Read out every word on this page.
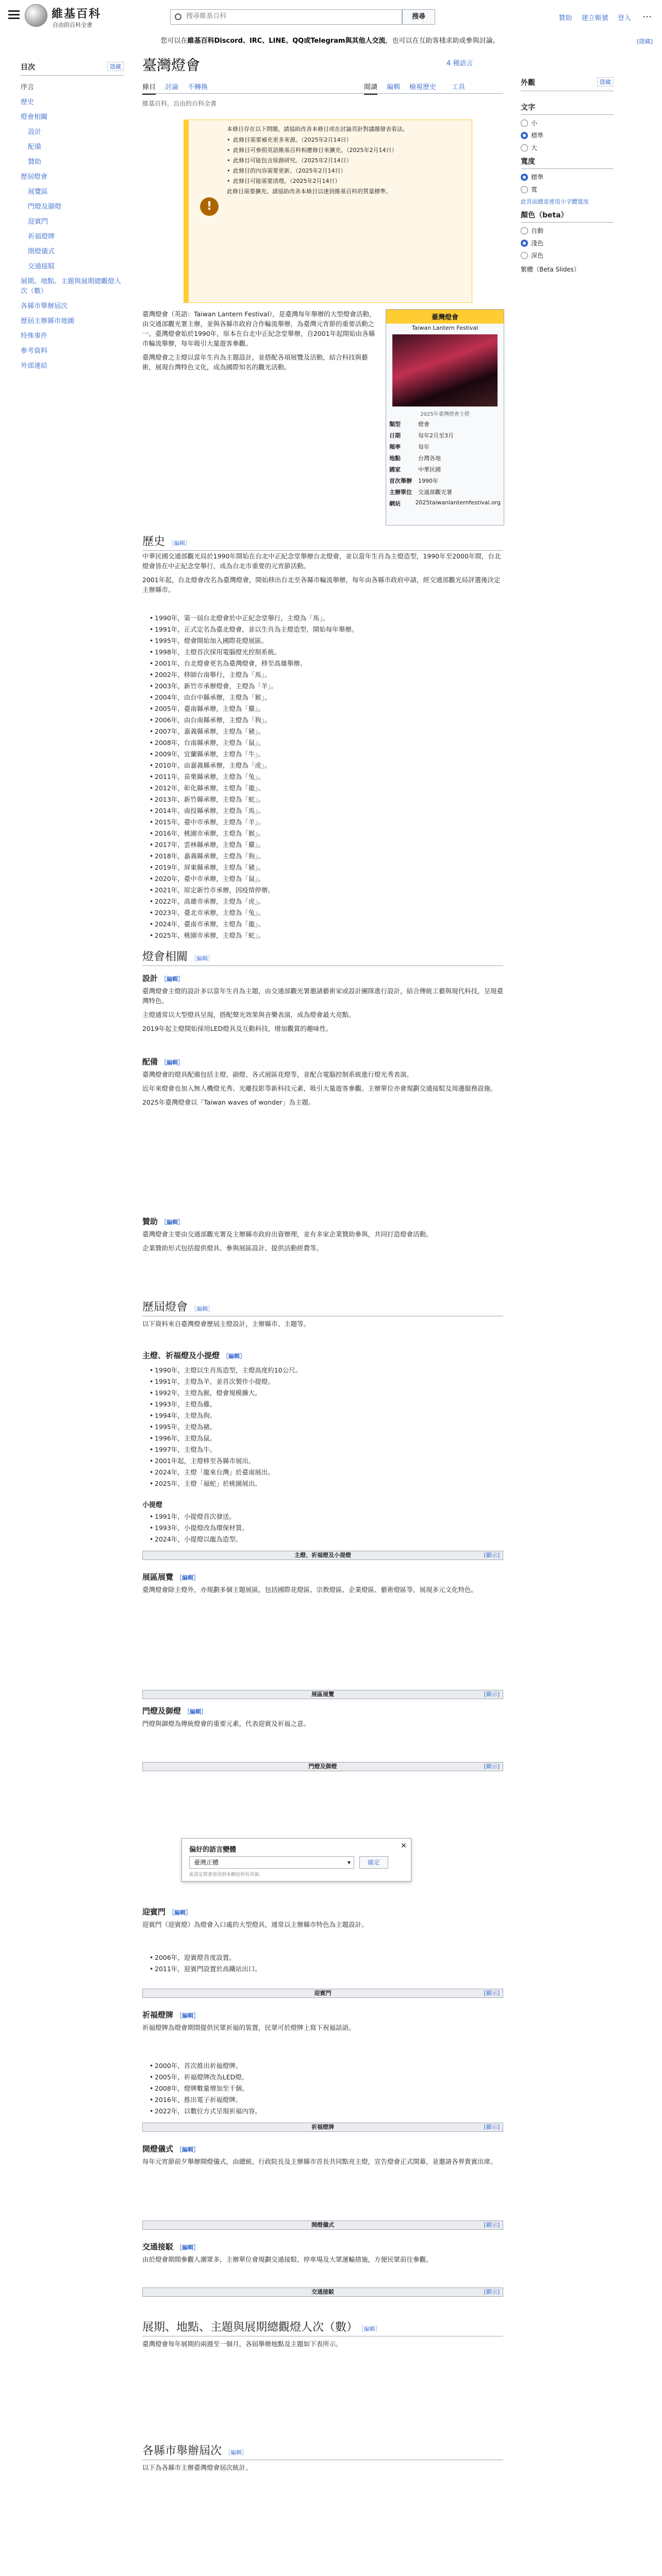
維基百科
自由的百科全書
搜尋維基百科
搜尋	贊助 建立帳號 登入 ⋯
您可以在維基百科Discord、IRC、LINE、QQ或Telegram與其他人交流，也可以在互助客棧求助或參與討論。	[隱藏]
目次	隱藏
序言
歷史
燈會相關
設計
配備
贊助
歷屆燈會
展覽區
門燈及御燈
迎賓門
祈福燈牌
開燈儀式
交通接駁
展期、地點、主題與展期總觀燈人次（數）
各縣市舉辦屆次
歷屆主辦縣市地圖
特殊事件
參考資料
外部連結
臺灣燈會	4 種語言
條目 討論 不轉換	閱讀 編輯 檢視歷史 工具
維基百科，自由的百科全書
外觀	隱藏
文字
小
標準
大
寬度
標準
寬
此頁面總是使用小字體寬度
顏色（beta）
自動
淺色
深色
繁體（Beta Slides）
!

本條目存在以下問題，請協助改善本條目或在討論頁針對議題發表看法。

• 此條目需要補充更多來源。（2025年2月14日）
• 此條目可參照英語維基百科相應條目來擴充。（2025年2月14日）
• 此條目可能包含原創研究。（2025年2月14日）
• 此條目的內容需要更新。（2025年2月14日）
• 此條目可能需要清理。（2025年2月14日）

此條目需要擴充。請協助改善本條目以達到維基百科的質量標準。

臺灣燈會
Taiwan Lantern Festival
2025年臺灣燈會主燈
類型	燈會
日期	每年2月至3月
頻率	每年
地點	台灣各地
國家	中華民國
首次舉辦	1990年
主辦單位	交通部觀光署
網站	2025taiwanlanternfestival.org

臺灣燈會（英語：Taiwan Lantern Festival），是臺灣每年舉辦的大型燈會活動，由交通部觀光署主辦，並與各縣市政府合作輪流舉辦，為臺灣元宵節的重要活動之一。臺灣燈會始於1990年，原本在台北中正紀念堂舉辦，自2001年起開始由各縣市輪流舉辦，每年吸引大量遊客參觀。

臺灣燈會之主燈以當年生肖為主題設計，並搭配各項展覽及活動，結合科技與藝術，展現台灣特色文化，成為國際知名的觀光活動。

歷史 ［編輯］

中華民國交通部觀光局於1990年開始在台北中正紀念堂舉辦台北燈會，並以當年生肖為主燈造型，1990年至2000年間，台北燈會皆在中正紀念堂舉行，成為台北市重要的元宵節活動。

2001年起，台北燈會改名為臺灣燈會，開始移出台北至各縣市輪流舉辦，每年由各縣市政府申請，經交通部觀光局評選後決定主辦縣市。

• 1990年，第一屆台北燈會於中正紀念堂舉行，主燈為「馬」。
• 1991年，正式定名為臺北燈會，並以生肖為主燈造型，開始每年舉辦。
• 1995年，燈會開始加入國際花燈展區。
• 1998年，主燈首次採用電腦燈光控制系統。
• 2001年，台北燈會更名為臺灣燈會，移至高雄舉辦。
• 2002年，移師台南舉行，主燈為「馬」。
• 2003年，新竹市承辦燈會，主燈為「羊」。
• 2004年，由台中縣承辦，主燈為「猴」。
• 2005年，臺南縣承辦，主燈為「雞」。
• 2006年，由台南縣承辦，主燈為「狗」。
• 2007年，嘉義縣承辦，主燈為「豬」。
• 2008年，台南縣承辦，主燈為「鼠」。
• 2009年，宜蘭縣承辦，主燈為「牛」。
• 2010年，由嘉義縣承辦，主燈為「虎」。
• 2011年，苗栗縣承辦，主燈為「兔」。
• 2012年，彰化縣承辦，主燈為「龍」。
• 2013年，新竹縣承辦，主燈為「蛇」。
• 2014年，南投縣承辦，主燈為「馬」。
• 2015年，臺中市承辦，主燈為「羊」。
• 2016年，桃園市承辦，主燈為「猴」。
• 2017年，雲林縣承辦，主燈為「雞」。
• 2018年，嘉義縣承辦，主燈為「狗」。
• 2019年，屏東縣承辦，主燈為「豬」。
• 2020年，臺中市承辦，主燈為「鼠」。
• 2021年，原定新竹市承辦，因疫情停辦。
• 2022年，高雄市承辦，主燈為「虎」。
• 2023年，臺北市承辦，主燈為「兔」。
• 2024年，臺南市承辦，主燈為「龍」。
• 2025年，桃園市承辦，主燈為「蛇」。
燈會相關 ［編輯］
設計 ［編輯］

臺灣燈會主燈的設計多以當年生肖為主題，由交通部觀光署邀請藝術家或設計團隊進行設計，結合傳統工藝與現代科技，呈現臺灣特色。

主燈通常以大型燈具呈現，搭配聲光效果與音樂表演，成為燈會最大亮點。

2019年起主燈開始採用LED燈具及互動科技，增加觀賞的趣味性。

配備 ［編輯］

臺灣燈會的燈具配備包括主燈、副燈、各式展區花燈等，並配合電腦控制系統進行燈光秀表演。

近年來燈會也加入無人機燈光秀、光雕投影等新科技元素，吸引大量遊客參觀。主辦單位亦會規劃交通接駁及周邊服務設施。

2025年臺灣燈會以「Taiwan waves of wonder」為主題。

贊助 ［編輯］

臺灣燈會主要由交通部觀光署及主辦縣市政府出資辦理，並有多家企業贊助參與，共同打造燈會活動。

企業贊助形式包括提供燈具、參與展區設計、提供活動經費等。

歷屆燈會 ［編輯］

以下資料來自臺灣燈會歷屆主燈設計，主辦縣市、主題等。

主燈、祈福燈及小提燈 ［編輯］
• 1990年，主燈以生肖馬造型，主燈高度約10公尺。
• 1991年，主燈為羊，並首次製作小提燈。
• 1992年，主燈為猴，燈會規模擴大。
• 1993年，主燈為雞。
• 1994年，主燈為狗。
• 1995年，主燈為豬。
• 1996年，主燈為鼠。
• 1997年，主燈為牛。
• 2001年起，主燈移至各縣市展出。
• 2024年，主燈「龍來台灣」於臺南展出。
• 2025年，主燈「福蛇」於桃園展出。
小提燈
• 1991年，小提燈首次發送。
• 1993年，小提燈改為環保材質。
• 2024年，小提燈以龍為造型。
主燈、祈福燈及小提燈	[顯示]
展區展覽 ［編輯］

臺灣燈會除主燈外，亦規劃多個主題展區，包括國際花燈區、宗教燈區、企業燈區、藝術燈區等，展現多元文化特色。

展區展覽	[顯示]
門燈及御燈 ［編輯］

門燈與御燈為傳統燈會的重要元素，代表迎賓及祈福之意。

門燈及御燈	[顯示]
偏好的語言變體
臺灣正體 ▾
此設定將會套用到本網站所有頁面。
確定
✕
迎賓門 ［編輯］

迎賓門（迎賓燈）為燈會入口處的大型燈具，通常以主辦縣市特色為主題設計。

• 2006年，迎賓燈首度設置。
• 2011年，迎賓門設置於高鐵站出口。
迎賓門	[顯示]
祈福燈牌 ［編輯］

祈福燈牌為燈會期間提供民眾祈福的裝置，民眾可於燈牌上寫下祝福話語。

• 2000年，首次推出祈福燈牌。
• 2005年，祈福燈牌改為LED燈。
• 2008年，燈牌數量增加至千個。
• 2016年，推出電子祈福燈牌。
• 2022年，以數位方式呈現祈福內容。
祈福燈牌	[顯示]
開燈儀式 ［編輯］

每年元宵節前夕舉辦開燈儀式，由總統、行政院長及主辦縣市首長共同點亮主燈，宣告燈會正式開幕，並邀請各界貴賓出席。

開燈儀式	[顯示]
交通接駁 ［編輯］

由於燈會期間參觀人潮眾多，主辦單位會規劃交通接駁、停車場及大眾運輸措施，方便民眾前往參觀。

交通接駁	[顯示]
展期、地點、主題與展期總觀燈人次（數） ［編輯］

臺灣燈會每年展期約兩週至一個月，各屆舉辦地點及主題如下表所示。

各縣市舉辦屆次 ［編輯］

以下為各縣市主辦臺灣燈會屆次統計。
